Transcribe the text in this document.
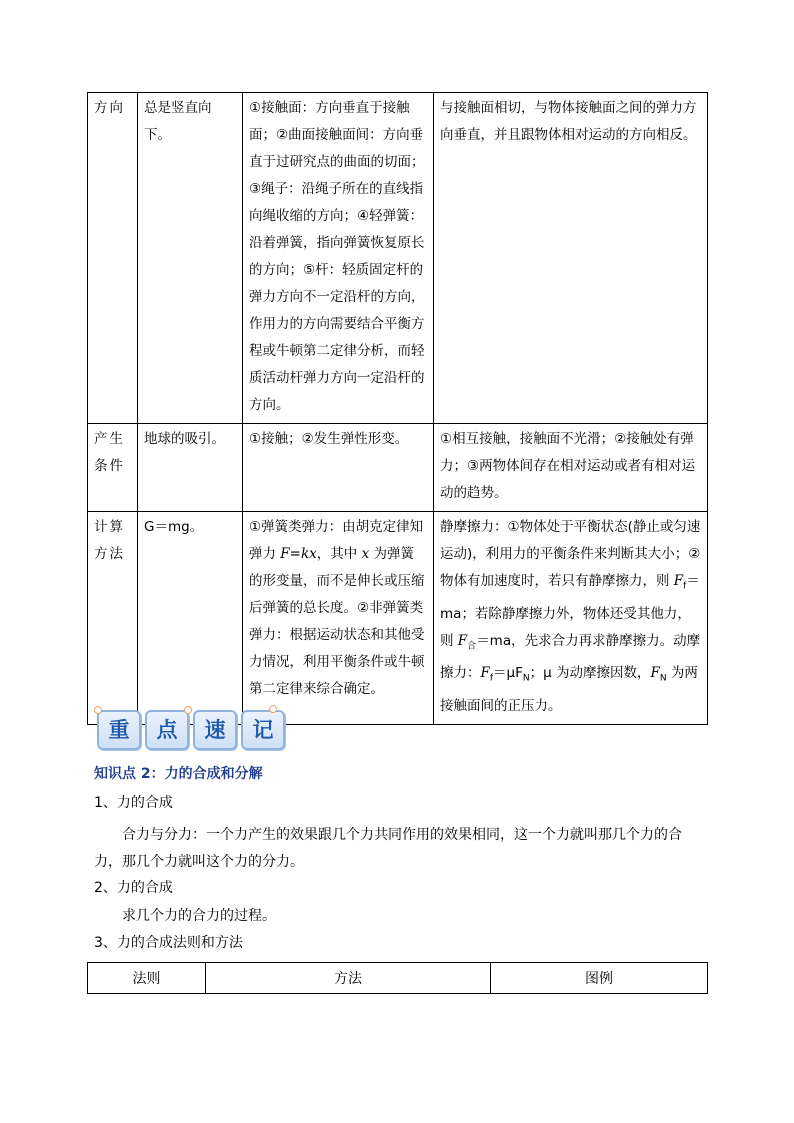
方向	总是竖直向下。	①接触面：方向垂直于接触面；②曲面接触面间：方向垂直于过研究点的曲面的切面；③绳子：沿绳子所在的直线指向绳收缩的方向；④轻弹簧：沿着弹簧，指向弹簧恢复原长的方向；⑤杆：轻质固定杆的弹力方向不一定沿杆的方向，作用力的方向需要结合平衡方程或牛顿第二定律分析，而轻质活动杆弹力方向一定沿杆的方向。	与接触面相切，与物体接触面之间的弹力方向垂直，并且跟物体相对运动的方向相反。
产生条件	地球的吸引。	①接触；②发生弹性形变。	①相互接触，接触面不光滑；②接触处有弹力；③两物体间存在相对运动或者有相对运动的趋势。
计算方法	G＝mg。	①弹簧类弹力：由胡克定律知弹力 F=kx，其中 x 为弹簧的形变量，而不是伸长或压缩后弹簧的总长度。②非弹簧类弹力：根据运动状态和其他受力情况，利用平衡条件或牛顿第二定律来综合确定。	静摩擦力：①物体处于平衡状态(静止或匀速运动)，利用力的平衡条件来判断其大小；②物体有加速度时，若只有静摩擦力，则 $F_f=ma$；若除静摩擦力外，物体还受其他力，则 $F_合=ma$，先求合力再求静摩擦力。动摩擦力：$F_f=\mu F_N$；μ 为动摩擦因数，$F_N$ 为两接触面间的正压力。
重	点	速	记
知识点 2：力的合成和分解
1、力的合成
合力与分力：一个力产生的效果跟几个力共同作用的效果相同，这一个力就叫那几个力的合力，那几个力就叫这个力的分力。
2、力的合成
求几个力的合力的过程。
3、力的合成法则和方法
法则	方法	图例
